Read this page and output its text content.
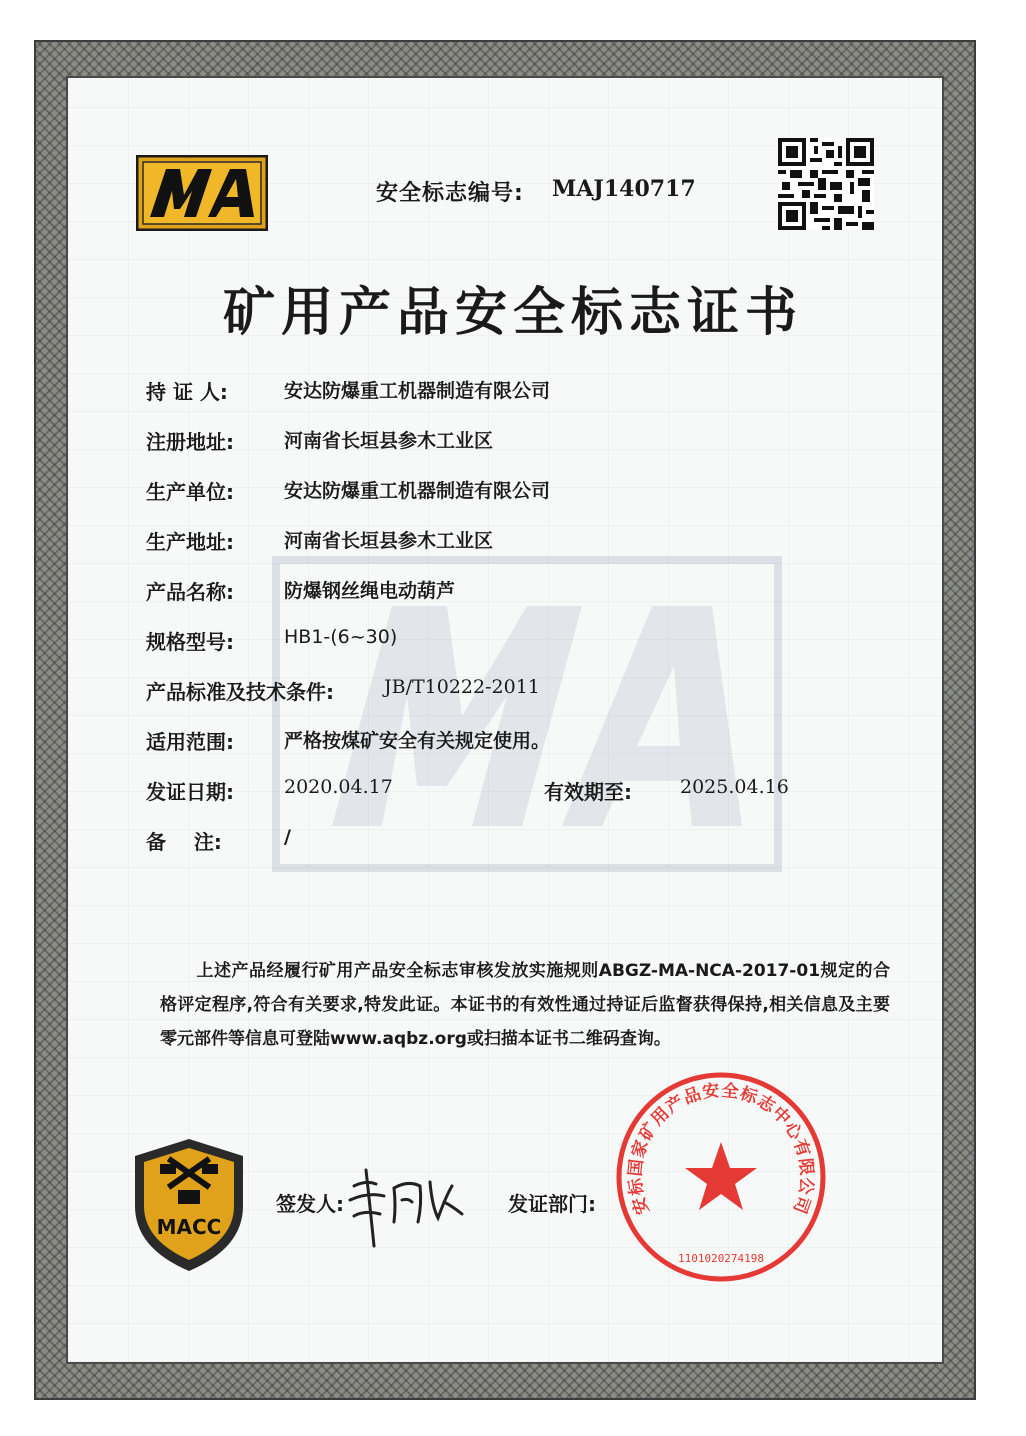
安全标志编号: MAJ140717
矿用产品安全标志证书
持 证 人:	安达防爆重工机器制造有限公司
注册地址:	河南省长垣县参木工业区
生产单位:	安达防爆重工机器制造有限公司
生产地址:	河南省长垣县参木工业区
产品名称:	防爆钢丝绳电动葫芦
规格型号:	HB1-(6~30)
产品标准及技术条件:	JB/T10222-2011
适用范围:	严格按煤矿安全有关规定使用。
发证日期:	2020.04.17	有效期至:	2025.04.16
备    注:	/
上述产品经履行矿用产品安全标志审核发放实施规则ABGZ-MA-NCA-2017-01规定的合格评定程序,符合有关要求,特发此证。本证书的有效性通过持证后监督获得保持,相关信息及主要零元部件等信息可登陆www.aqbz.org或扫描本证书二维码查询。
MACC
签发人:	发证部门: 安标国家矿用产品安全标志中心有限公司
1101020274198
